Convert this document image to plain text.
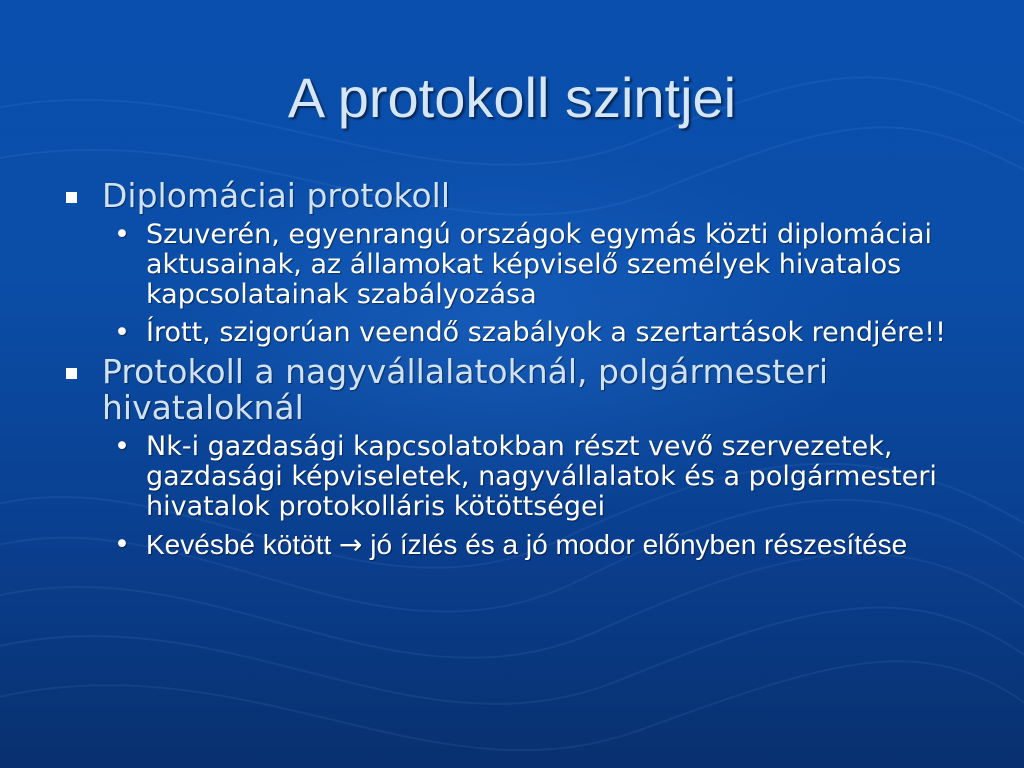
A protokoll szintjei
Diplomáciai protokoll
• Szuverén, egyenrangú országok egymás közti diplomáciai aktusainak, az államokat képviselő személyek hivatalos kapcsolatainak szabályozása
• Írott, szigorúan veendő szabályok a szertartások rendjére!!
Protokoll a nagyvállalatoknál, polgármesteri hivataloknál
• Nk-i gazdasági kapcsolatokban részt vevő szervezetek, gazdasági képviseletek, nagyvállalatok és a polgármesteri hivatalok protokolláris kötöttségei
• Kevésbé kötött → jó ízlés és a jó modor előnyben részesítése
